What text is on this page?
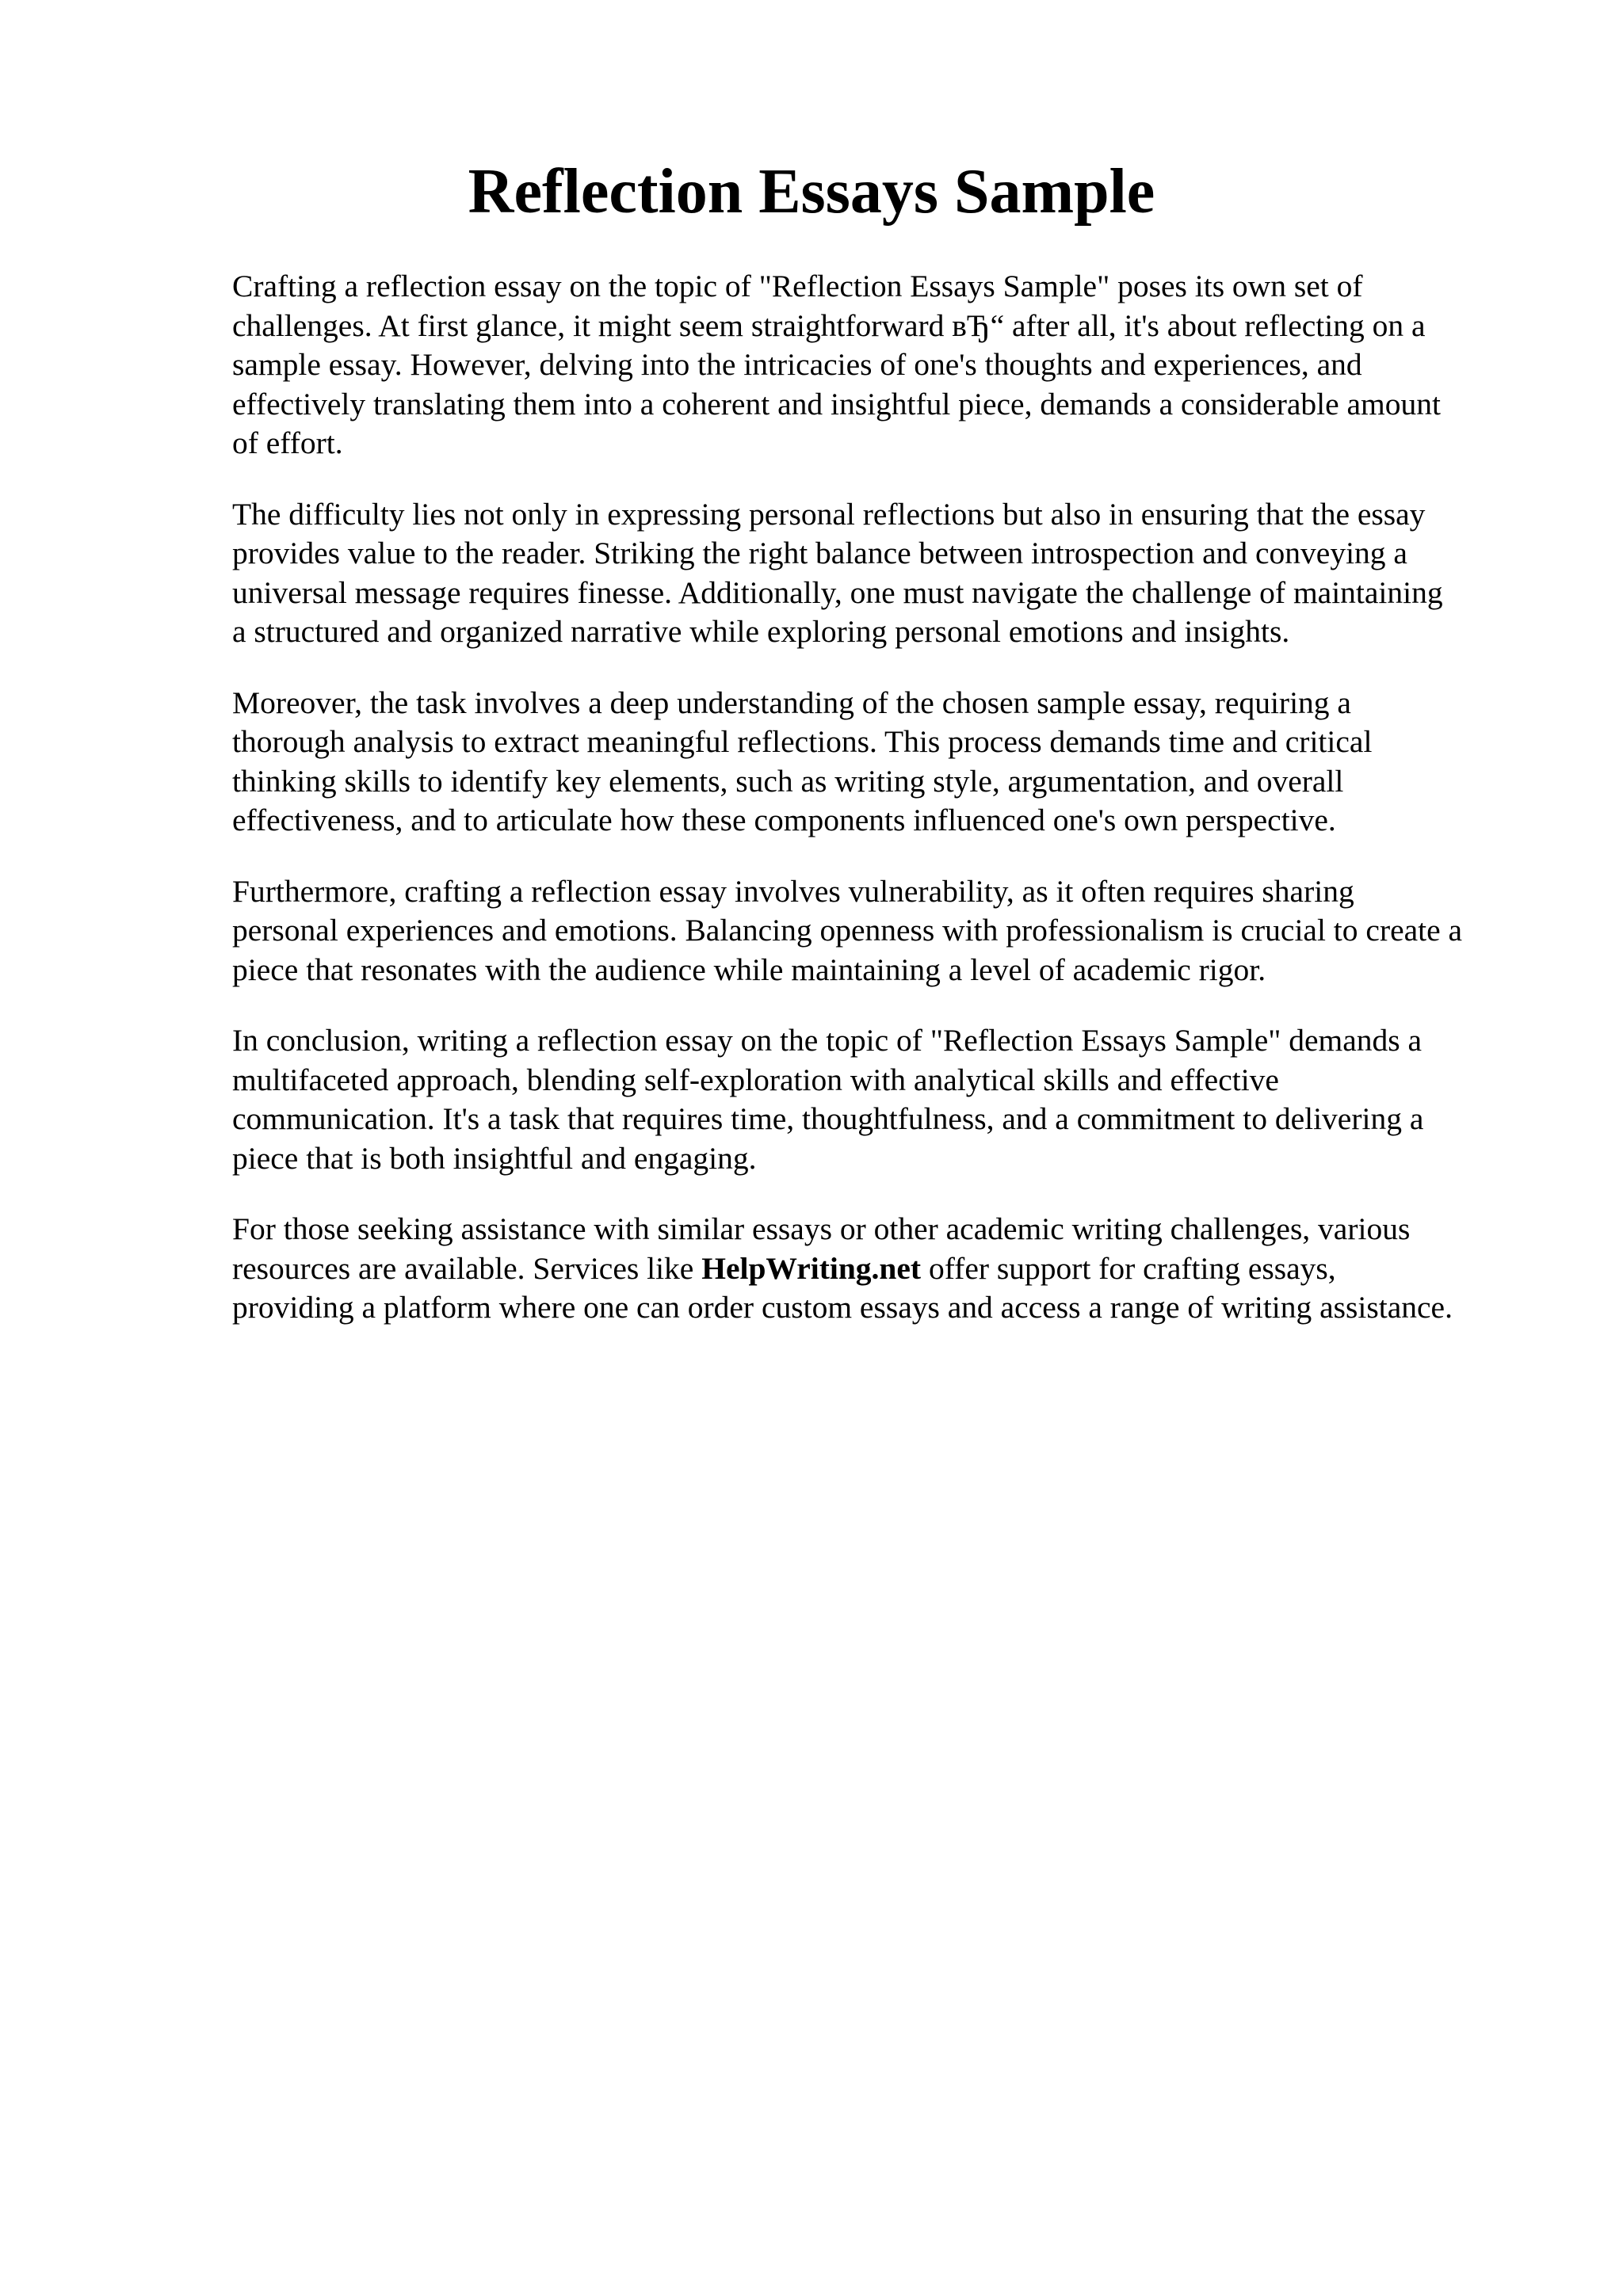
Reflection Essays Sample

Crafting a reflection essay on the topic of "Reflection Essays Sample" poses its own set of
challenges. At first glance, it might seem straightforward вЂ“ after all, it's about reflecting on a
sample essay. However, delving into the intricacies of one's thoughts and experiences, and
effectively translating them into a coherent and insightful piece, demands a considerable amount
of effort.

The difficulty lies not only in expressing personal reflections but also in ensuring that the essay
provides value to the reader. Striking the right balance between introspection and conveying a
universal message requires finesse. Additionally, one must navigate the challenge of maintaining
a structured and organized narrative while exploring personal emotions and insights.

Moreover, the task involves a deep understanding of the chosen sample essay, requiring a
thorough analysis to extract meaningful reflections. This process demands time and critical
thinking skills to identify key elements, such as writing style, argumentation, and overall
effectiveness, and to articulate how these components influenced one's own perspective.

Furthermore, crafting a reflection essay involves vulnerability, as it often requires sharing
personal experiences and emotions. Balancing openness with professionalism is crucial to create a
piece that resonates with the audience while maintaining a level of academic rigor.

In conclusion, writing a reflection essay on the topic of "Reflection Essays Sample" demands a
multifaceted approach, blending self-exploration with analytical skills and effective
communication. It's a task that requires time, thoughtfulness, and a commitment to delivering a
piece that is both insightful and engaging.

For those seeking assistance with similar essays or other academic writing challenges, various
resources are available. Services like HelpWriting.net offer support for crafting essays,
providing a platform where one can order custom essays and access a range of writing assistance.
